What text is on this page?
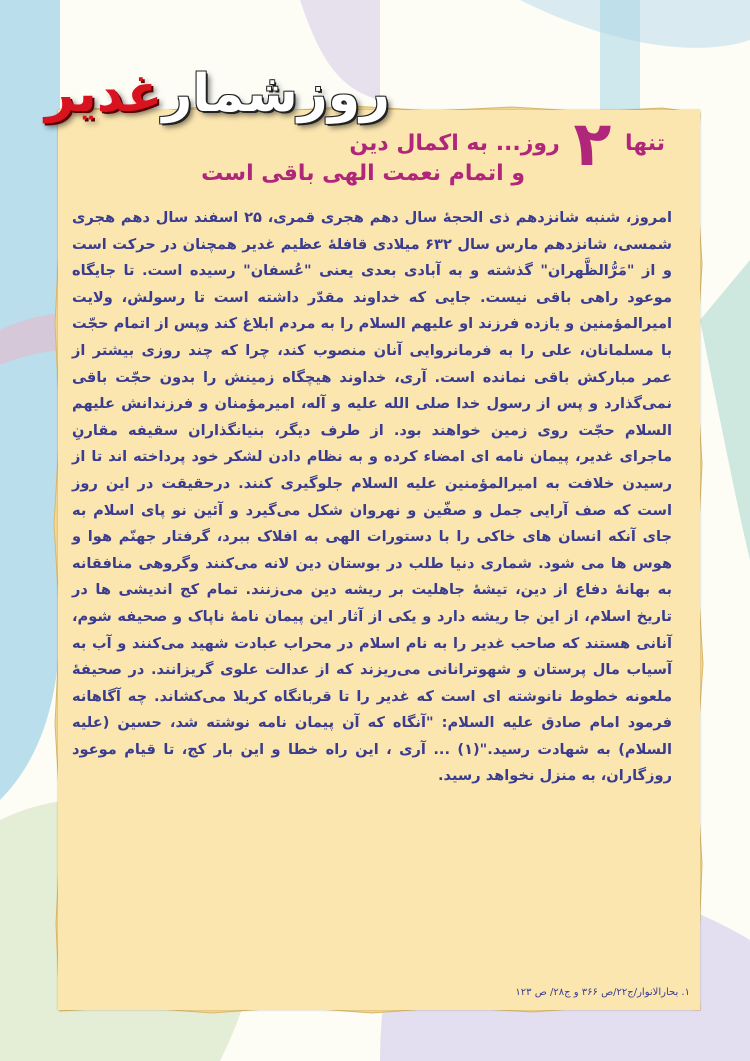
روزشمارغدیر
تنها ۲ روز... به اکمال دین
و اتمام نعمت الهی باقی است

امروز، شنبه شانزدهم ذی الحجهٔ سال دهم هجری قمری، ۲۵ اسفند سال دهم هجری شمسی، شانزدهم مارس سال ۶۳۲ میلادی قافلهٔ عظیم غدیر همچنان در حرکت است و از "مَرُّالظَّهران" گذشته و به آبادی بعدی یعنی "عُسفان" رسیده است. تا جایگاه موعود راهی باقی نیست. جایی که خداوند مقدّر داشته است تا رسولش، ولایت امیرالمؤمنین و یازده فرزند او علیهم السلام را به مردم ابلاغ کند وپس از اتمام حجّت با مسلمانان، علی را به فرمانروایی آنان منصوب کند، چرا که چند روزی بیشتر از عمر مبارکش باقی نمانده است. آری، خداوند هیچگاه زمینش را بدون حجّت باقی نمی‌گذارد و پس از رسول خدا صلی الله علیه و آله، امیرمؤمنان و فرزندانش علیهم السلام حجّت روی زمین خواهند بود. از طرف دیگر، بنیانگذاران سقیفه مقارنِ ماجرای غدیر، پیمان نامه ای امضاء کرده و به نظام دادن لشکر خود پرداخته اند تا از رسیدن خلافت به امیرالمؤمنین علیه السلام جلوگیری کنند. درحقیقت در این روز است که صف آرایی جمل و صفّین و نهروان شکل می‌گیرد و آئین نو پای اسلام به جای آنکه انسان های خاکی را با دستورات الهی به افلاک ببرد، گرفتار جهنّم هوا و هوس ها می شود. شماری دنیا طلب در بوستان دین لانه می‌کنند وگروهی منافقانه به بهانهٔ دفاع از دین، تیشهٔ جاهلیت بر ریشه دین می‌زنند. تمام کج اندیشی ها در تاریخ اسلام، از این جا ریشه دارد و یکی از آثار این پیمان نامهٔ ناپاک و صحیفه شوم، آنانی هستند که صاحب غدیر را به نام اسلام در محراب عبادت شهید می‌کنند و آب به آسیاب مال پرستان و شهوترانانی می‌ریزند که از عدالت علوی گریزانند. در صحیفهٔ ملعونه خطوط نانوشته ای است که غدیر را تا قربانگاه کربلا می‌کشاند. چه آگاهانه فرمود امام صادق علیه السلام: "آنگاه که آن پیمان نامه نوشته شد، حسین (علیه السلام) به شهادت رسید."(۱) ... آری ، این راه خطا و این بار کج، تا قیام موعود روزگاران، به منزل نخواهد رسید.

۱. بحارالانوار/ج۲۲/ص ۳۶۶ و ج۲۸/ ص ۱۲۳
